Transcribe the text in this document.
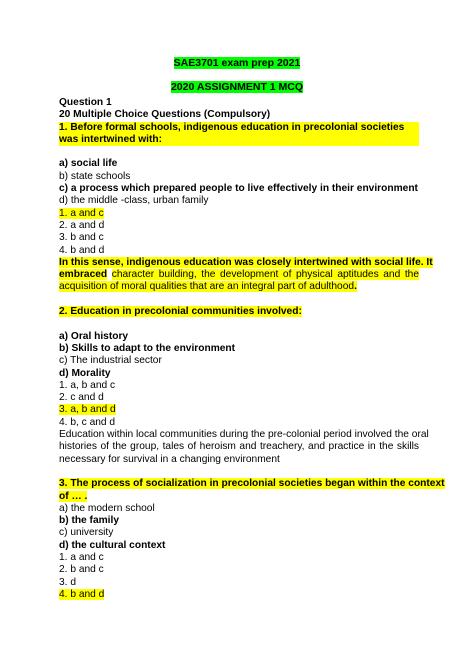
SAE3701 exam prep 2021
2020 ASSIGNMENT 1 MCQ
Question 1
20 Multiple Choice Questions (Compulsory)
1. Before formal schools, indigenous education in precolonial societies
was intertwined with:
a) social life
b) state schools
c) a process which prepared people to live effectively in their environment
d) the middle -class, urban family
1. a and c
2. a and d
3. b and c
4. b and d
In this sense, indigenous education was closely intertwined with social life. It
embraced character building, the development of physical aptitudes and the
acquisition of moral qualities that are an integral part of adulthood.
2. Education in precolonial communities involved:
a) Oral history
b) Skills to adapt to the environment
c) The industrial sector
d) Morality
1. a, b and c
2. c and d
3. a, b and d
4. b, c and d
Education within local communities during the pre-colonial period involved the oral
histories of the group, tales of heroism and treachery, and practice in the skills
necessary for survival in a changing environment
3. The process of socialization in precolonial societies began within the context
of … .
a) the modern school
b) the family
c) university
d) the cultural context
1. a and c
2. b and c
3. d
4. b and d
